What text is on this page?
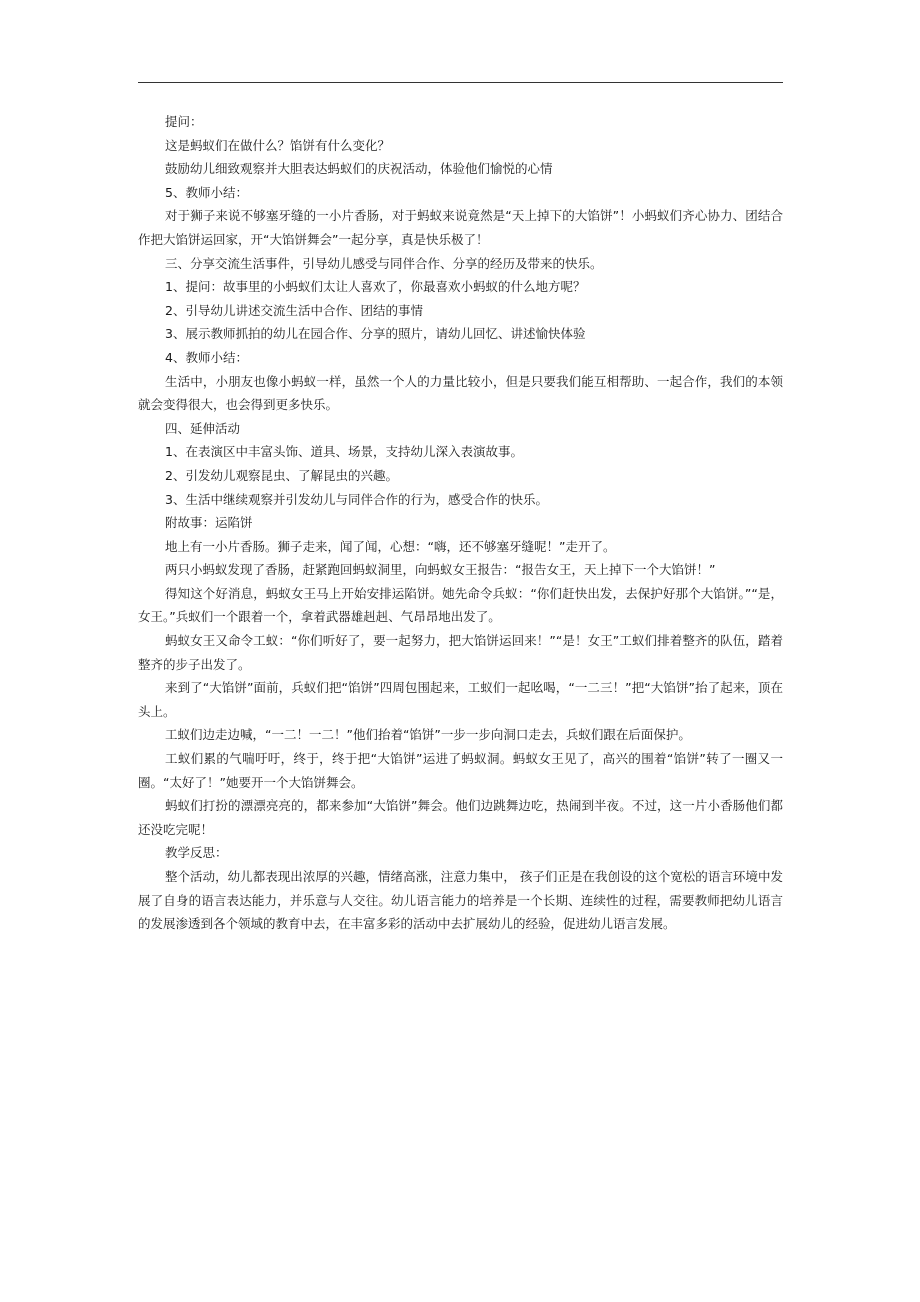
提问：

这是蚂蚁们在做什么？馅饼有什么变化？

鼓励幼儿细致观察并大胆表达蚂蚁们的庆祝活动，体验他们愉悦的心情

5、教师小结：

对于狮子来说不够塞牙缝的一小片香肠，对于蚂蚁来说竟然是“天上掉下的大馅饼”！小蚂蚁们齐心协力、团结合作把大馅饼运回家，开“大馅饼舞会”一起分享，真是快乐极了！

三、分享交流生活事件，引导幼儿感受与同伴合作、分享的经历及带来的快乐。

1、提问：故事里的小蚂蚁们太让人喜欢了，你最喜欢小蚂蚁的什么地方呢？

2、引导幼儿讲述交流生活中合作、团结的事情

3、展示教师抓拍的幼儿在园合作、分享的照片，请幼儿回忆、讲述愉快体验

4、教师小结：

生活中，小朋友也像小蚂蚁一样，虽然一个人的力量比较小，但是只要我们能互相帮助、一起合作，我们的本领就会变得很大，也会得到更多快乐。

四、延伸活动

1、在表演区中丰富头饰、道具、场景，支持幼儿深入表演故事。

2、引发幼儿观察昆虫、了解昆虫的兴趣。

3、生活中继续观察并引发幼儿与同伴合作的行为，感受合作的快乐。

附故事：运陷饼

地上有一小片香肠。狮子走来，闻了闻，心想：“嗨，还不够塞牙缝呢！”走开了。

两只小蚂蚁发现了香肠，赶紧跑回蚂蚁洞里，向蚂蚁女王报告：“报告女王，天上掉下一个大馅饼！”

得知这个好消息，蚂蚁女王马上开始安排运陷饼。她先命令兵蚁：“你们赶快出发，去保护好那个大馅饼。”“是，女王。”兵蚁们一个跟着一个，拿着武器雄赳赳、气昂昂地出发了。

蚂蚁女王又命令工蚁：“你们听好了，要一起努力，把大馅饼运回来！”“是！女王”工蚁们排着整齐的队伍，踏着整齐的步子出发了。

来到了“大馅饼”面前，兵蚁们把“馅饼”四周包围起来，工蚁们一起吆喝，“一二三！”把“大馅饼”抬了起来，顶在头上。

工蚁们边走边喊，“一二！一二！”他们抬着“馅饼”一步一步向洞口走去，兵蚁们跟在后面保护。

工蚁们累的气喘吁吁，终于，终于把“大馅饼”运进了蚂蚁洞。蚂蚁女王见了，高兴的围着“馅饼”转了一圈又一圈。“太好了！”她要开一个大馅饼舞会。

蚂蚁们打扮的漂漂亮亮的，都来参加“大馅饼”舞会。他们边跳舞边吃，热闹到半夜。不过，这一片小香肠他们都还没吃完呢！

教学反思：

整个活动，幼儿都表现出浓厚的兴趣，情绪高涨，注意力集中， 孩子们正是在我创设的这个宽松的语言环境中发展了自身的语言表达能力，并乐意与人交往。幼儿语言能力的培养是一个长期、连续性的过程，需要教师把幼儿语言的发展渗透到各个领域的教育中去，在丰富多彩的活动中去扩展幼儿的经验，促进幼儿语言发展。
